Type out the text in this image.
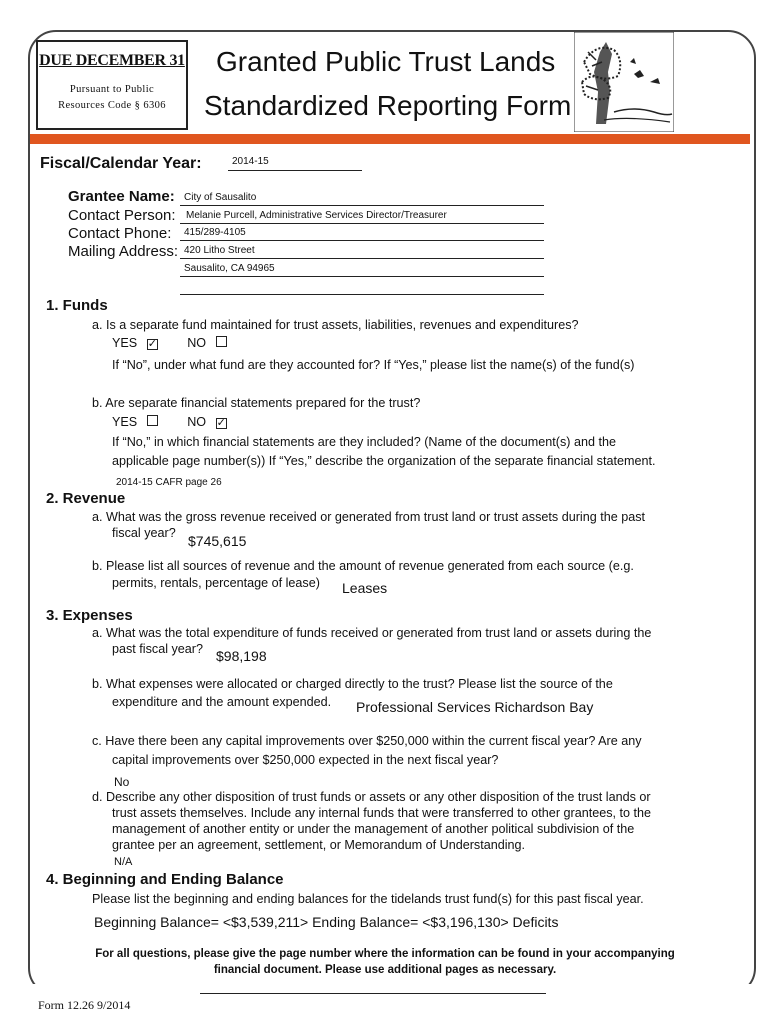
DUE DECEMBER 31
Pursuant to Public
Resources Code § 6306
Granted Public Trust Lands
Standardized Reporting Form
Fiscal/Calendar Year:	2014-15
Grantee Name: City of Sausalito
Contact Person: Melanie Purcell, Administrative Services Director/Treasurer
Contact Phone: 415/289-4105
Mailing Address: 420 Litho Street
Sausalito, CA 94965
1. Funds
a. Is a separate fund maintained for trust assets, liabilities, revenues and expenditures?
YES ✓ NO
If “No”, under what fund are they accounted for? If “Yes,” please list the name(s) of the fund(s)
b. Are separate financial statements prepared for the trust?
YES	NO ✓
If “No,” in which financial statements are they included? (Name of the document(s) and the
applicable page number(s)) If “Yes,” describe the organization of the separate financial statement.
2014-15 CAFR page 26
2. Revenue
a. What was the gross revenue received or generated from trust land or trust assets during the past
fiscal year? $745,615
b. Please list all sources of revenue and the amount of revenue generated from each source (e.g.
permits, rentals, percentage of lease) Leases
3. Expenses
a. What was the total expenditure of funds received or generated from trust land or assets during the
past fiscal year? $98,198
b. What expenses were allocated or charged directly to the trust? Please list the source of the
expenditure and the amount expended. Professional Services Richardson Bay
c. Have there been any capital improvements over $250,000 within the current fiscal year? Are any
capital improvements over $250,000 expected in the next fiscal year?
No
d. Describe any other disposition of trust funds or assets or any other disposition of the trust lands or
trust assets themselves. Include any internal funds that were transferred to other grantees, to the
management of another entity or under the management of another political subdivision of the
grantee per an agreement, settlement, or Memorandum of Understanding.
N/A
4. Beginning and Ending Balance
Please list the beginning and ending balances for the tidelands trust fund(s) for this past fiscal year.
Beginning Balance= <$3,539,211> Ending Balance= <$3,196,130> Deficits
For all questions, please give the page number where the information can be found in your accompanying
financial document. Please use additional pages as necessary.
Form 12.26 9/2014
